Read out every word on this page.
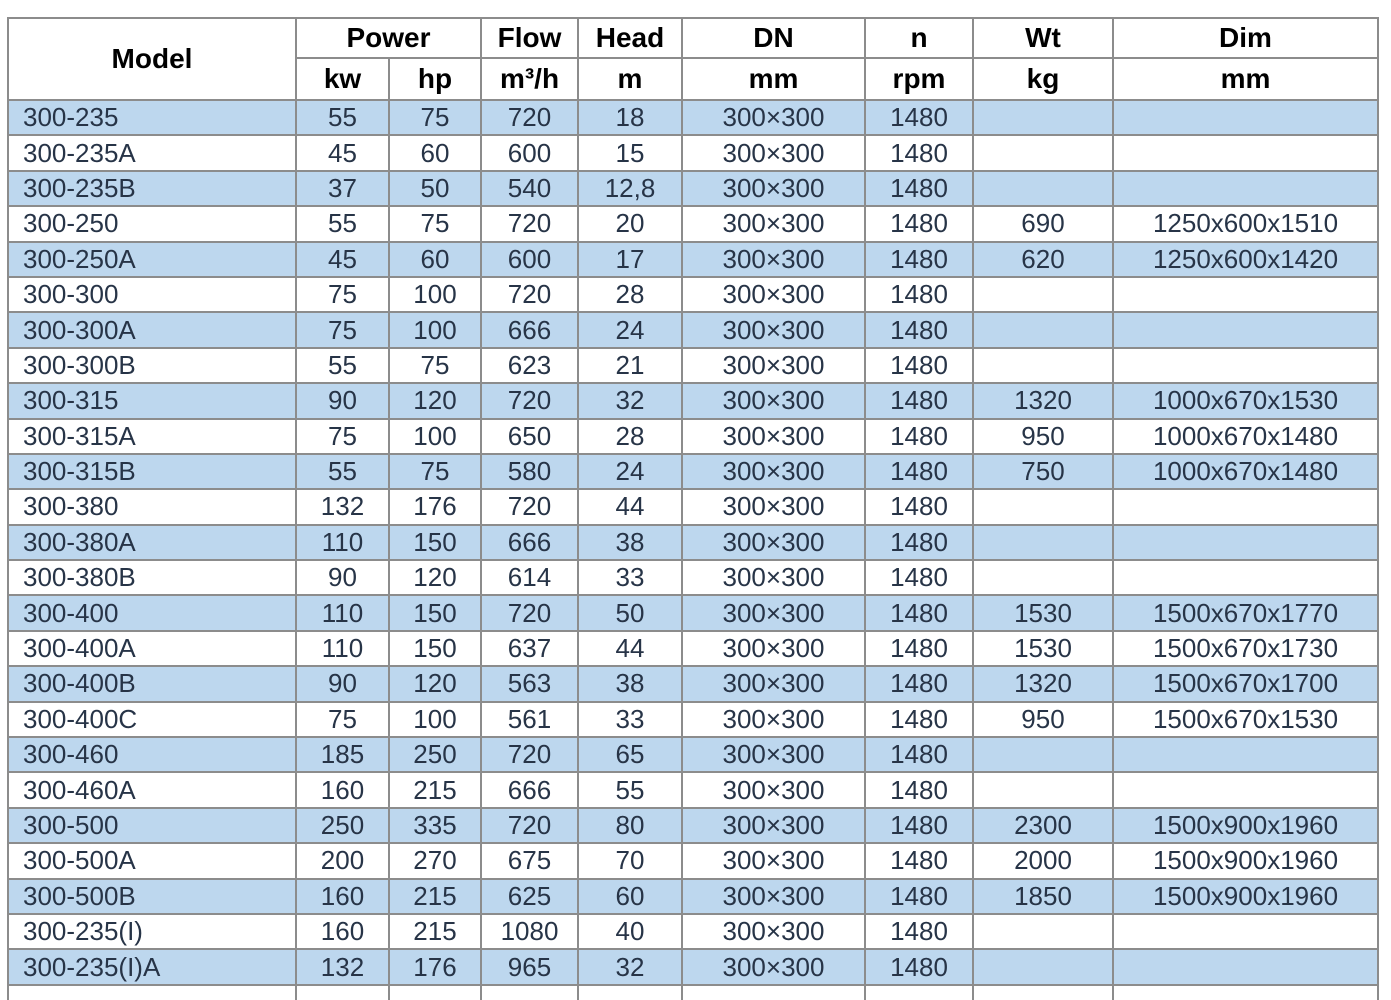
Model	Power		Flow	Head	DN	n	Wt	Dim
	kw	hp	m³/h	m	mm	rpm	kg	mm
300-235	55	75	720	18	300×300	1480		
300-235A	45	60	600	15	300×300	1480		
300-235B	37	50	540	12,8	300×300	1480		
300-250	55	75	720	20	300×300	1480	690	1250x600x1510
300-250A	45	60	600	17	300×300	1480	620	1250x600x1420
300-300	75	100	720	28	300×300	1480		
300-300A	75	100	666	24	300×300	1480		
300-300B	55	75	623	21	300×300	1480		
300-315	90	120	720	32	300×300	1480	1320	1000x670x1530
300-315A	75	100	650	28	300×300	1480	950	1000x670x1480
300-315B	55	75	580	24	300×300	1480	750	1000x670x1480
300-380	132	176	720	44	300×300	1480		
300-380A	110	150	666	38	300×300	1480		
300-380B	90	120	614	33	300×300	1480		
300-400	110	150	720	50	300×300	1480	1530	1500x670x1770
300-400A	110	150	637	44	300×300	1480	1530	1500x670x1730
300-400B	90	120	563	38	300×300	1480	1320	1500x670x1700
300-400C	75	100	561	33	300×300	1480	950	1500x670x1530
300-460	185	250	720	65	300×300	1480		
300-460A	160	215	666	55	300×300	1480		
300-500	250	335	720	80	300×300	1480	2300	1500x900x1960
300-500A	200	270	675	70	300×300	1480	2000	1500x900x1960
300-500B	160	215	625	60	300×300	1480	1850	1500x900x1960
300-235(I)	160	215	1080	40	300×300	1480		
300-235(I)A	132	176	965	32	300×300	1480		
